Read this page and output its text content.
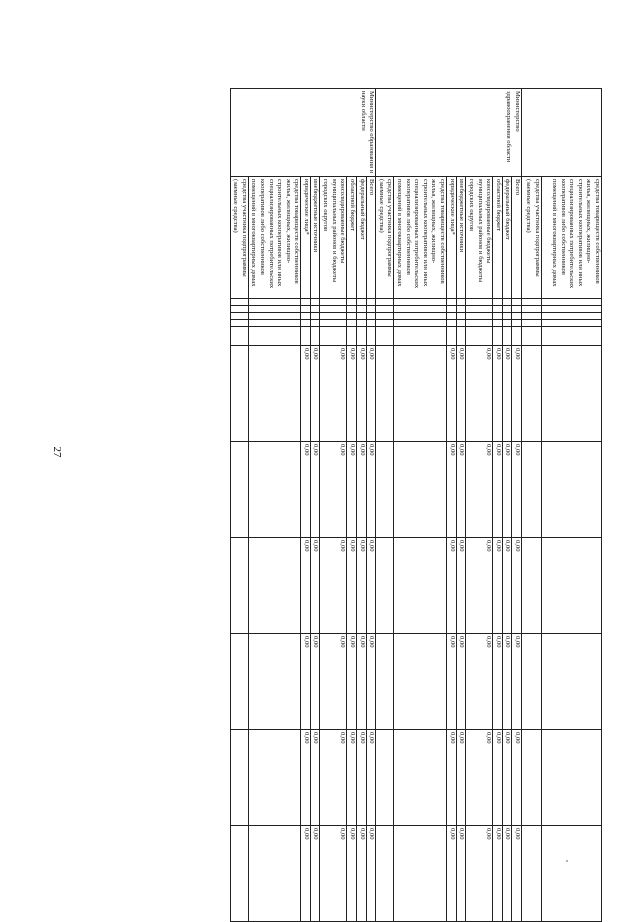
27
	средства товариществ собственников жилья, жилищных, жилищно-строительных кооперативов или иных специализированных потребительских кооперативов либо собственников помещений в многоквартирных домах											
	средства участника подпрограммы (заемные средства)											
Министерство здравоохранения области	Всего						0,00	0,00	0,00	0,00	0,00	0,00
	федеральный бюджет						0,00	0,00	0,00	0,00	0,00	0,00
	областной бюджет						0,00	0,00	0,00	0,00	0,00	0,00
	консолидированные бюджеты муниципальных районов и бюджеты городских округов						0,00	0,00	0,00	0,00	0,00	0,00
	внебюджетные источники						0,00	0,00	0,00	0,00	0,00	0,00
	юридические лица*						0,00	0,00	0,00	0,00	0,00	0,00
	средства товариществ собственников жилья, жилищных, жилищно-строительных кооперативов или иных специализированных потребительских кооперативов либо собственников помещений в многоквартирных домах											
	средства участника подпрограммы (заемные средства)											
Министерство образования и науки области	Всего						0,00	0,00	0,00	0,00	0,00	0,00
	федеральный бюджет						0,00	0,00	0,00	0,00	0,00	0,00
	областной бюджет						0,00	0,00	0,00	0,00	0,00	0,00
	консолидированные бюджеты муниципальных районов и бюджеты городских округов						0,00	0,00	0,00	0,00	0,00	0,00
	внебюджетные источники						0,00	0,00	0,00	0,00	0,00	0,00
	юридические лица*						0,00	0,00	0,00	0,00	0,00	0,00
	средства товариществ собственников жилья, жилищных, жилищно-строительных кооперативов или иных специализированных потребительских кооперативов либо собственников помещений в многоквартирных домах											
	средства участника подпрограммы (заемные средства)											
